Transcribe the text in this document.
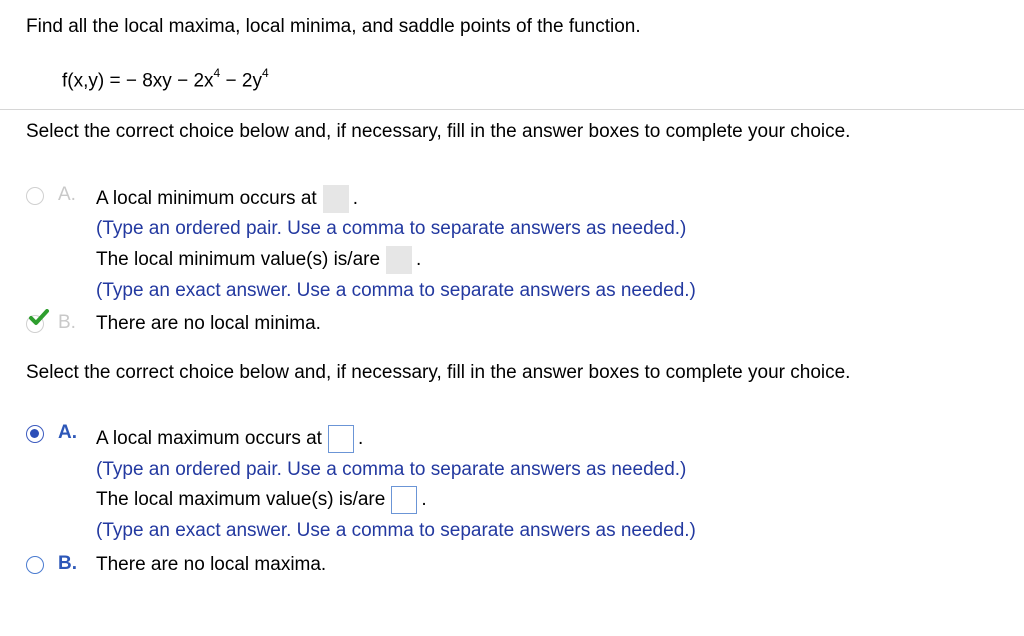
Find all the local maxima, local minima, and saddle points of the function.
f(x,y) = − $8xy - 2x^4 - 2y^4$
Select the correct choice below and, if necessary, fill in the answer boxes to complete your choice.
A. A local minimum occurs at .
(Type an ordered pair. Use a comma to separate answers as needed.)
The local minimum value(s) is/are .
(Type an exact answer. Use a comma to separate answers as needed.)
B. There are no local minima.
Select the correct choice below and, if necessary, fill in the answer boxes to complete your choice.
A. A local maximum occurs at .
(Type an ordered pair. Use a comma to separate answers as needed.)
The local maximum value(s) is/are .
(Type an exact answer. Use a comma to separate answers as needed.)
B. There are no local maxima.
